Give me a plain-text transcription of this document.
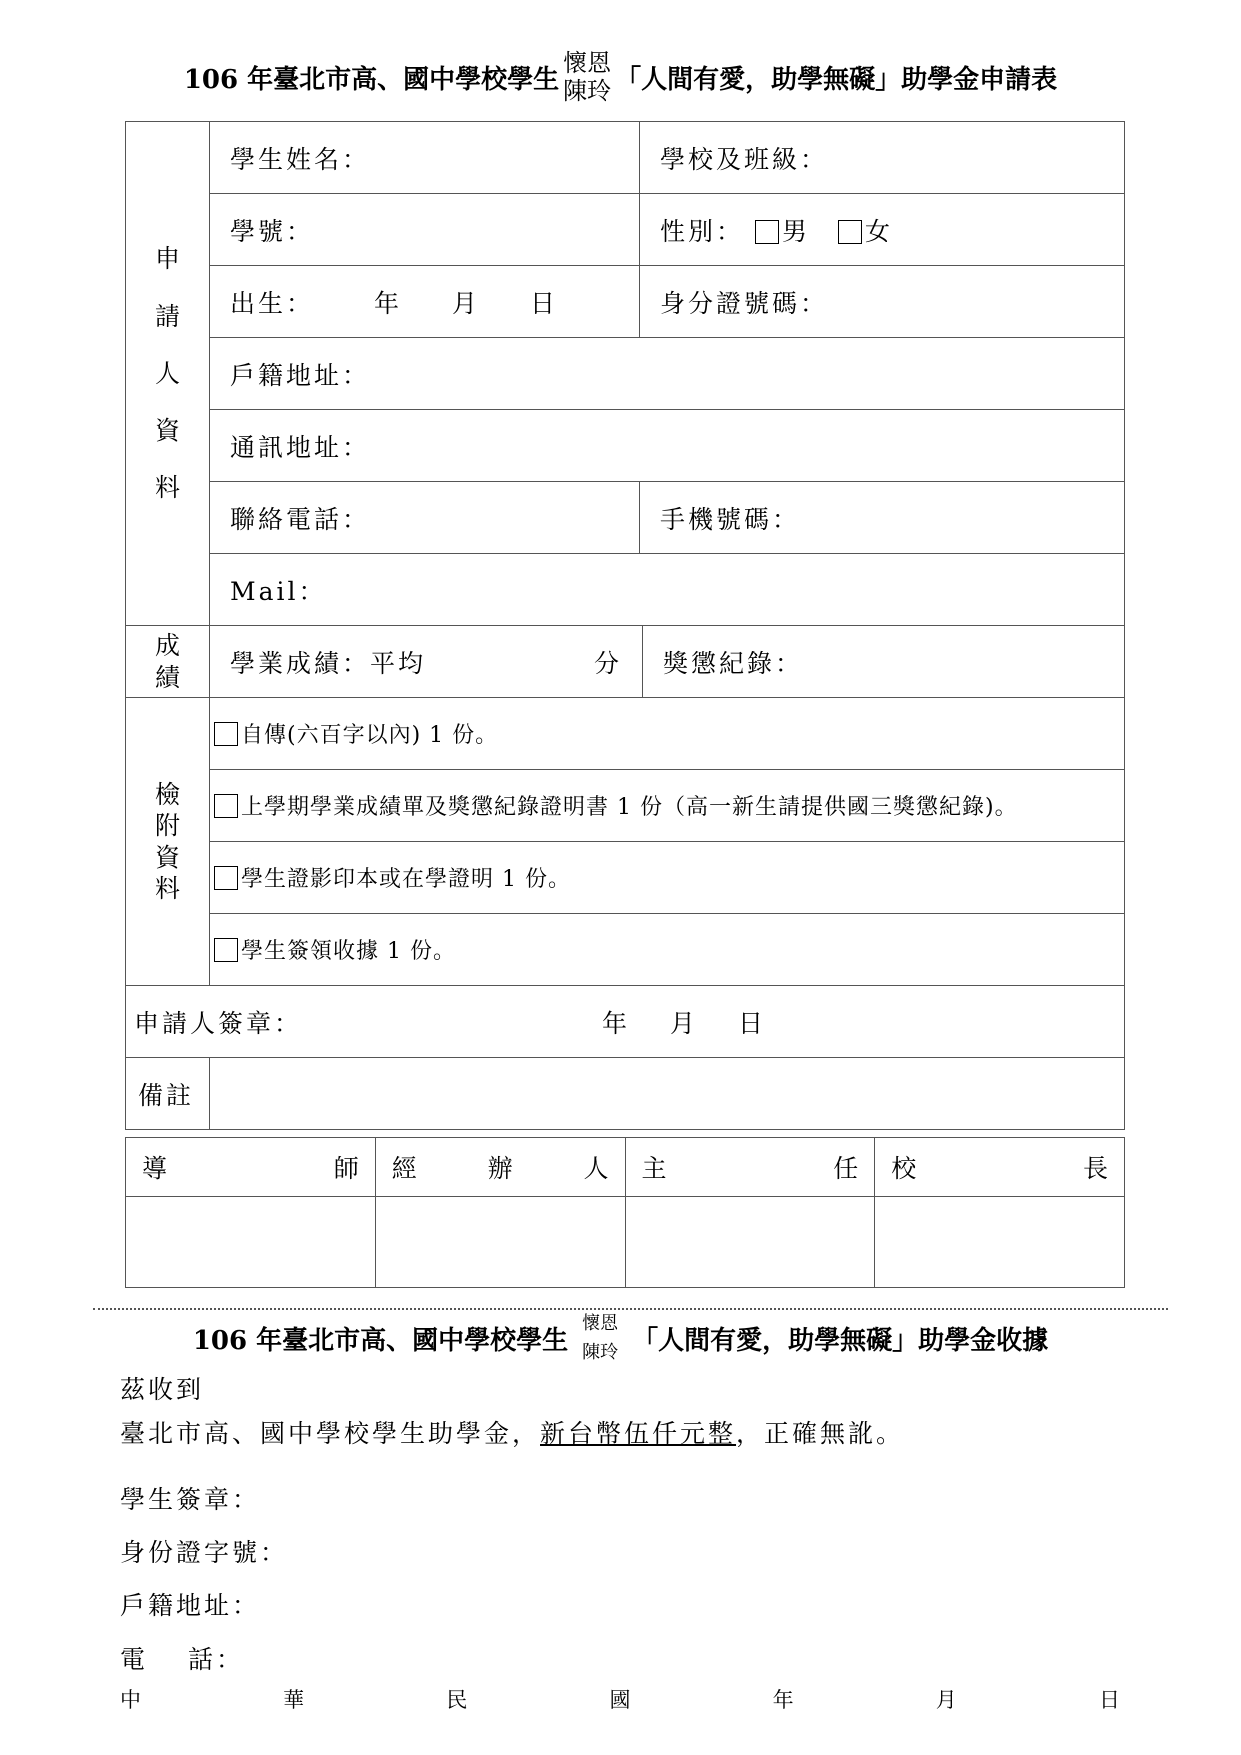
106 年臺北市高、國中學校學生
懷恩
陳玲 「人間有愛，助學無礙」助學金申請表
申
請
人
資
料	學生姓名：	學校及班級：	
	學號：	性別： 男 女	
	出生： 年 月 日	身分證號碼：	
	戶籍地址：		
	通訊地址：		
	聯絡電話：	手機號碼：	
	Mail：		
成
績	學業成績：平均 分		獎懲紀錄：
檢
附
資
料	自傳(六百字以內) 1 份。		
	上學期學業成績單及獎懲紀錄證明書 1 份（高一新生請提供國三獎懲紀錄)。		
	學生證影印本或在學證明 1 份。		
	學生簽領收據 1 份。		
申請人簽章： 年 月 日			
備註			
導 師	經 辦 人	主 任	校 長

106 年臺北市高、國中學校學生
懷恩
陳玲 「人間有愛，助學無礙」助學金收據
茲收到
臺北市高、國中學校學生助學金，新台幣伍仟元整，正確無訛。
學生簽章：
身份證字號：
戶籍地址：
電 話：
中	華	民	國	年	月	日
